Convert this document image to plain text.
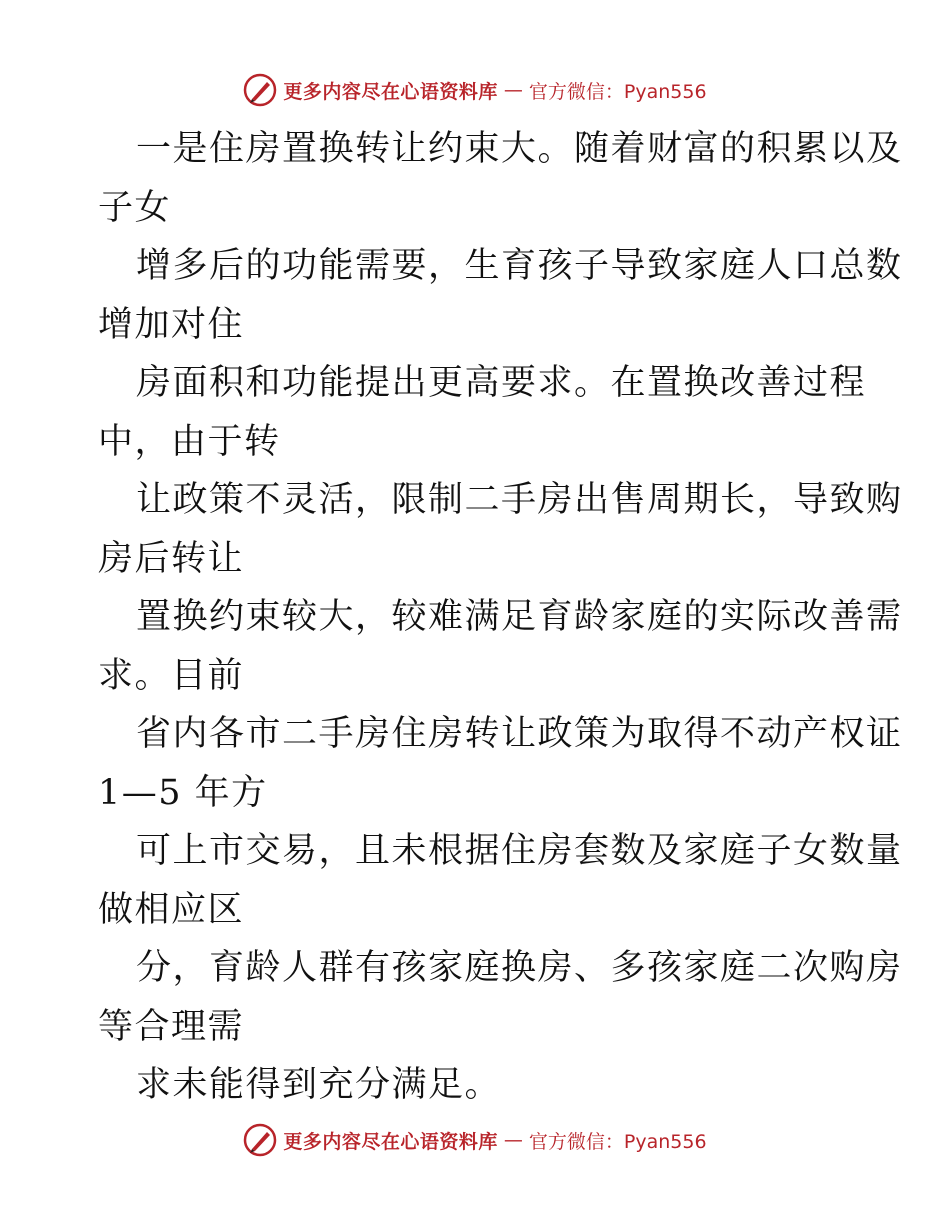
更多内容尽在心语资料库 — 官方微信：Pyan556
一是住房置换转让约束大。随着财富的积累以及
子女
增多后的功能需要，生育孩子导致家庭人口总数
增加对住
房面积和功能提出更高要求。在置换改善过程
中，由于转
让政策不灵活，限制二手房出售周期长，导致购
房后转让
置换约束较大，较难满足育龄家庭的实际改善需
求。目前
省内各市二手房住房转让政策为取得不动产权证
1—5 年方
可上市交易，且未根据住房套数及家庭子女数量
做相应区
分，育龄人群有孩家庭换房、多孩家庭二次购房
等合理需
求未能得到充分满足。
更多内容尽在心语资料库 — 官方微信：Pyan556
